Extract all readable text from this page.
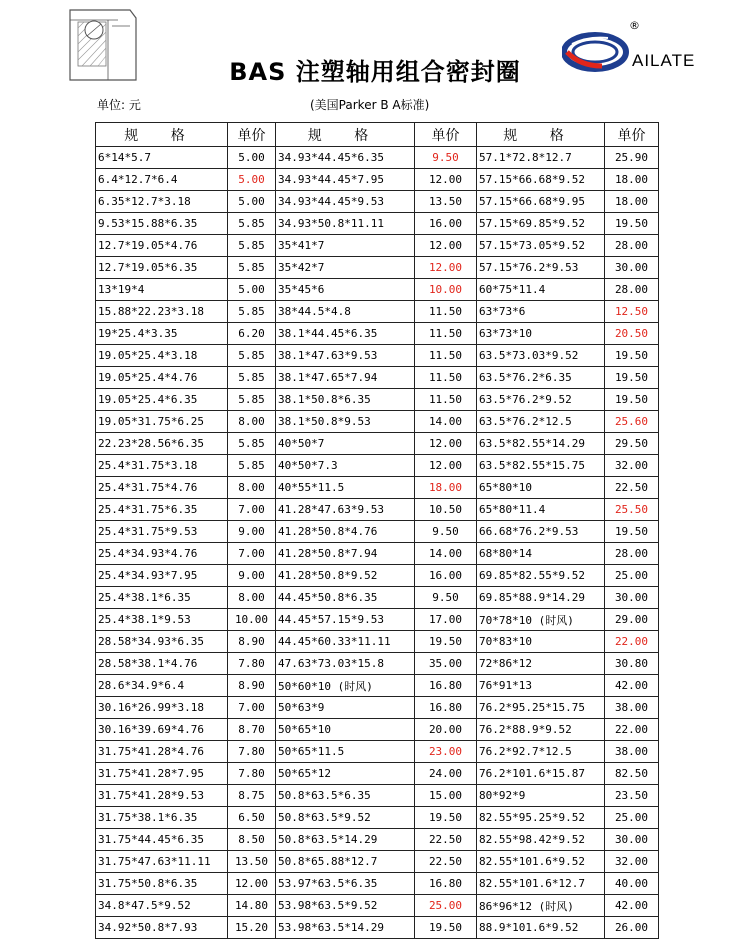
BAS 注塑轴用组合密封圈
®
AILATE
单位: 元	(美国Parker B A标准)
规 格	单价	规 格	单价	规 格	单价
6*14*5.7	5.00	34.93*44.45*6.35	9.50	57.1*72.8*12.7	25.90
6.4*12.7*6.4	5.00	34.93*44.45*7.95	12.00	57.15*66.68*9.52	18.00
6.35*12.7*3.18	5.00	34.93*44.45*9.53	13.50	57.15*66.68*9.95	18.00
9.53*15.88*6.35	5.85	34.93*50.8*11.11	16.00	57.15*69.85*9.52	19.50
12.7*19.05*4.76	5.85	35*41*7	12.00	57.15*73.05*9.52	28.00
12.7*19.05*6.35	5.85	35*42*7	12.00	57.15*76.2*9.53	30.00
13*19*4	5.00	35*45*6	10.00	60*75*11.4	28.00
15.88*22.23*3.18	5.85	38*44.5*4.8	11.50	63*73*6	12.50
19*25.4*3.35	6.20	38.1*44.45*6.35	11.50	63*73*10	20.50
19.05*25.4*3.18	5.85	38.1*47.63*9.53	11.50	63.5*73.03*9.52	19.50
19.05*25.4*4.76	5.85	38.1*47.65*7.94	11.50	63.5*76.2*6.35	19.50
19.05*25.4*6.35	5.85	38.1*50.8*6.35	11.50	63.5*76.2*9.52	19.50
19.05*31.75*6.25	8.00	38.1*50.8*9.53	14.00	63.5*76.2*12.5	25.60
22.23*28.56*6.35	5.85	40*50*7	12.00	63.5*82.55*14.29	29.50
25.4*31.75*3.18	5.85	40*50*7.3	12.00	63.5*82.55*15.75	32.00
25.4*31.75*4.76	8.00	40*55*11.5	18.00	65*80*10	22.50
25.4*31.75*6.35	7.00	41.28*47.63*9.53	10.50	65*80*11.4	25.50
25.4*31.75*9.53	9.00	41.28*50.8*4.76	9.50	66.68*76.2*9.53	19.50
25.4*34.93*4.76	7.00	41.28*50.8*7.94	14.00	68*80*14	28.00
25.4*34.93*7.95	9.00	41.28*50.8*9.52	16.00	69.85*82.55*9.52	25.00
25.4*38.1*6.35	8.00	44.45*50.8*6.35	9.50	69.85*88.9*14.29	30.00
25.4*38.1*9.53	10.00	44.45*57.15*9.53	17.00	70*78*10 (时风)	29.00
28.58*34.93*6.35	8.90	44.45*60.33*11.11	19.50	70*83*10	22.00
28.58*38.1*4.76	7.80	47.63*73.03*15.8	35.00	72*86*12	30.80
28.6*34.9*6.4	8.90	50*60*10 (时风)	16.80	76*91*13	42.00
30.16*26.99*3.18	7.00	50*63*9	16.80	76.2*95.25*15.75	38.00
30.16*39.69*4.76	8.70	50*65*10	20.00	76.2*88.9*9.52	22.00
31.75*41.28*4.76	7.80	50*65*11.5	23.00	76.2*92.7*12.5	38.00
31.75*41.28*7.95	7.80	50*65*12	24.00	76.2*101.6*15.87	82.50
31.75*41.28*9.53	8.75	50.8*63.5*6.35	15.00	80*92*9	23.50
31.75*38.1*6.35	6.50	50.8*63.5*9.52	19.50	82.55*95.25*9.52	25.00
31.75*44.45*6.35	8.50	50.8*63.5*14.29	22.50	82.55*98.42*9.52	30.00
31.75*47.63*11.11	13.50	50.8*65.88*12.7	22.50	82.55*101.6*9.52	32.00
31.75*50.8*6.35	12.00	53.97*63.5*6.35	16.80	82.55*101.6*12.7	40.00
34.8*47.5*9.52	14.80	53.98*63.5*9.52	25.00	86*96*12 (时风)	42.00
34.92*50.8*7.93	15.20	53.98*63.5*14.29	19.50	88.9*101.6*9.52	26.00
